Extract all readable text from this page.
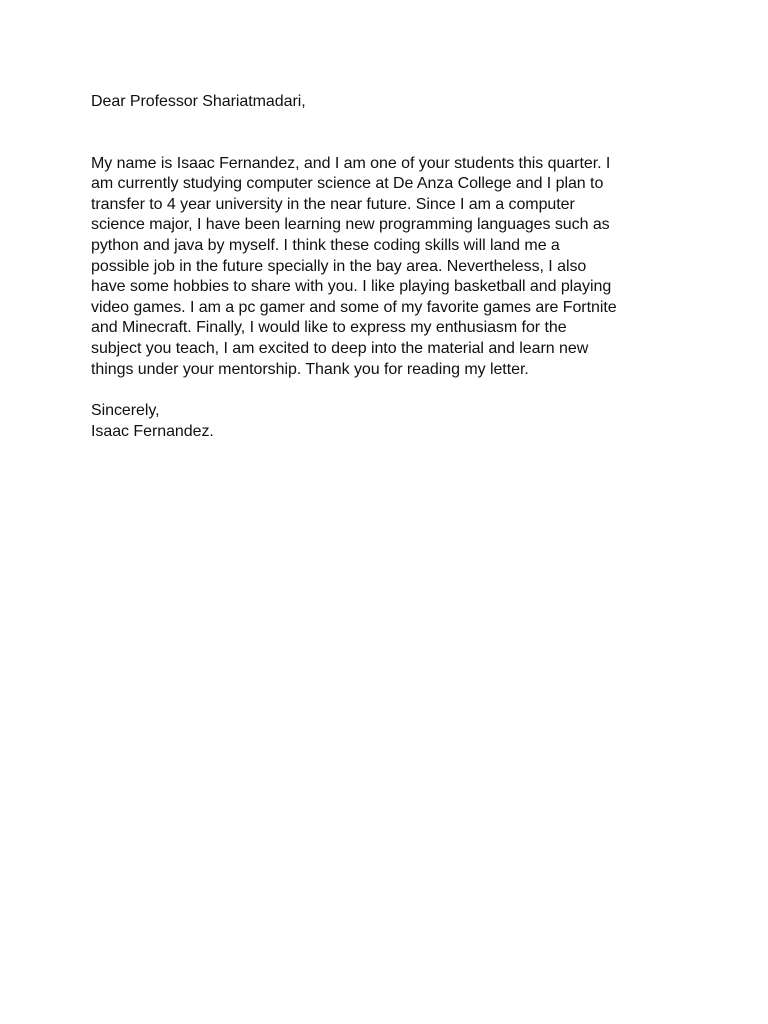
Dear Professor Shariatmadari,

My name is Isaac Fernandez, and I am one of your students this quarter. I
am currently studying computer science at De Anza College and I plan to
transfer to 4 year university in the near future. Since I am a computer
science major, I have been learning new programming languages such as
python and java by myself. I think these coding skills will land me a
possible job in the future specially in the bay area. Nevertheless, I also
have some hobbies to share with you. I like playing basketball and playing
video games. I am a pc gamer and some of my favorite games are Fortnite
and Minecraft. Finally, I would like to express my enthusiasm for the
subject you teach, I am excited to deep into the material and learn new
things under your mentorship. Thank you for reading my letter.
Sincerely,
Isaac Fernandez.
